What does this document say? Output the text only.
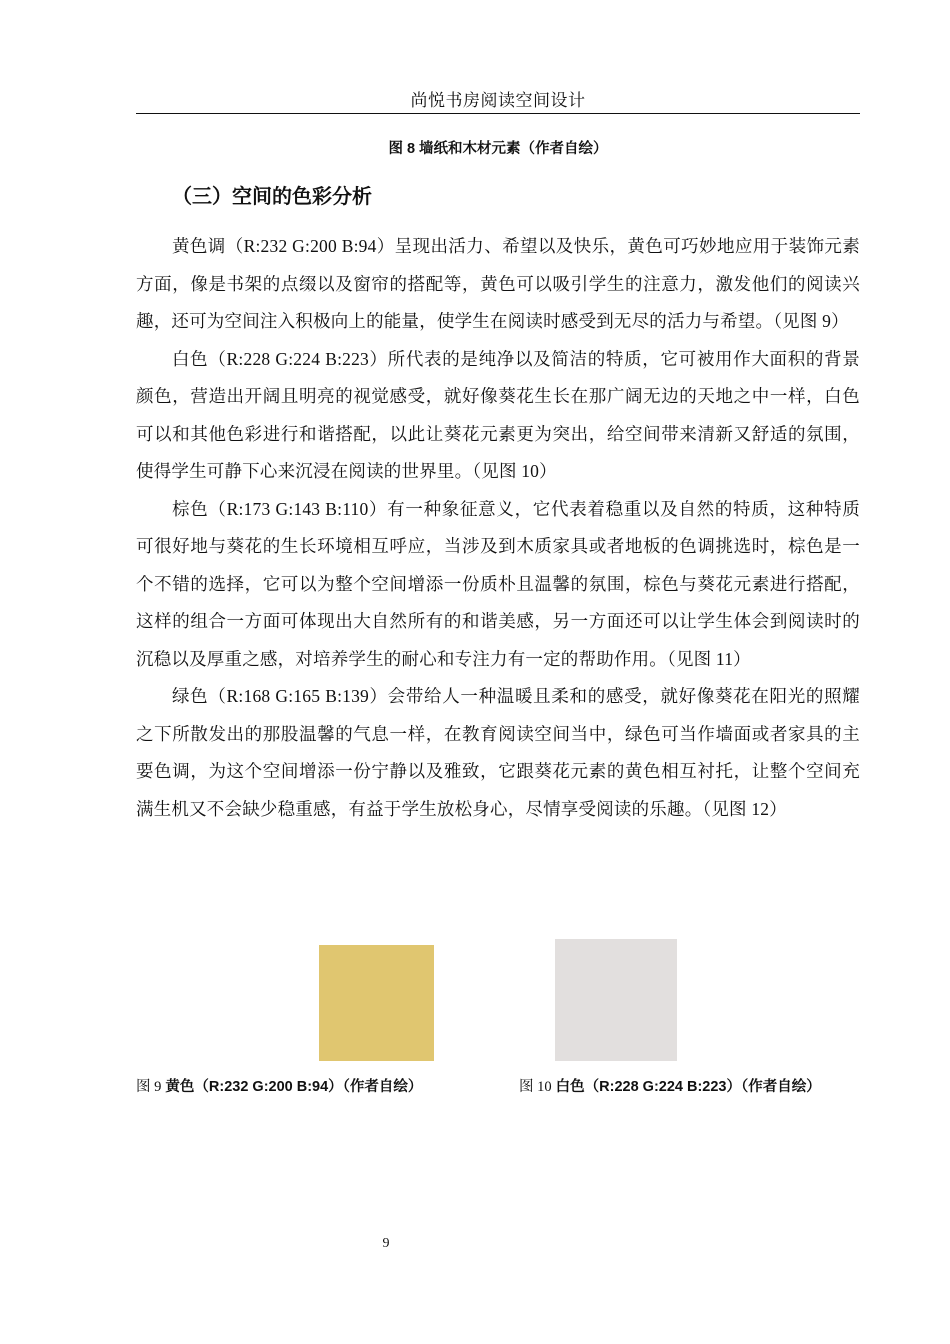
尚悦书房阅读空间设计
图 8 墙纸和木材元素（作者自绘）
（三）空间的色彩分析

黄色调（R:232 G:200 B:94）呈现出活力、希望以及快乐，黄色可巧妙地应用于装饰元素方面，像是书架的点缀以及窗帘的搭配等，黄色可以吸引学生的注意力，激发他们的阅读兴趣，还可为空间注入积极向上的能量，使学生在阅读时感受到无尽的活力与希望。（见图 9）

白色（R:228 G:224 B:223）所代表的是纯净以及简洁的特质，它可被用作大面积的背景颜色，营造出开阔且明亮的视觉感受，就好像葵花生长在那广阔无边的天地之中一样，白色可以和其他色彩进行和谐搭配，以此让葵花元素更为突出，给空间带来清新又舒适的氛围，使得学生可静下心来沉浸在阅读的世界里。（见图 10）

棕色（R:173 G:143 B:110）有一种象征意义，它代表着稳重以及自然的特质，这种特质可很好地与葵花的生长环境相互呼应，当涉及到木质家具或者地板的色调挑选时，棕色是一个不错的选择，它可以为整个空间增添一份质朴且温馨的氛围，棕色与葵花元素进行搭配，这样的组合一方面可体现出大自然所有的和谐美感，另一方面还可以让学生体会到阅读时的沉稳以及厚重之感，对培养学生的耐心和专注力有一定的帮助作用。（见图 11）

绿色（R:168 G:165 B:139）会带给人一种温暖且柔和的感受，就好像葵花在阳光的照耀之下所散发出的那股温馨的气息一样，在教育阅读空间当中，绿色可当作墙面或者家具的主要色调，为这个空间增添一份宁静以及雅致，它跟葵花元素的黄色相互衬托，让整个空间充满生机又不会缺少稳重感，有益于学生放松身心，尽情享受阅读的乐趣。（见图 12）

图 9 黄色（R:232 G:200 B:94）（作者自绘）	图 10 白色（R:228 G:224 B:223）（作者自绘）
9
